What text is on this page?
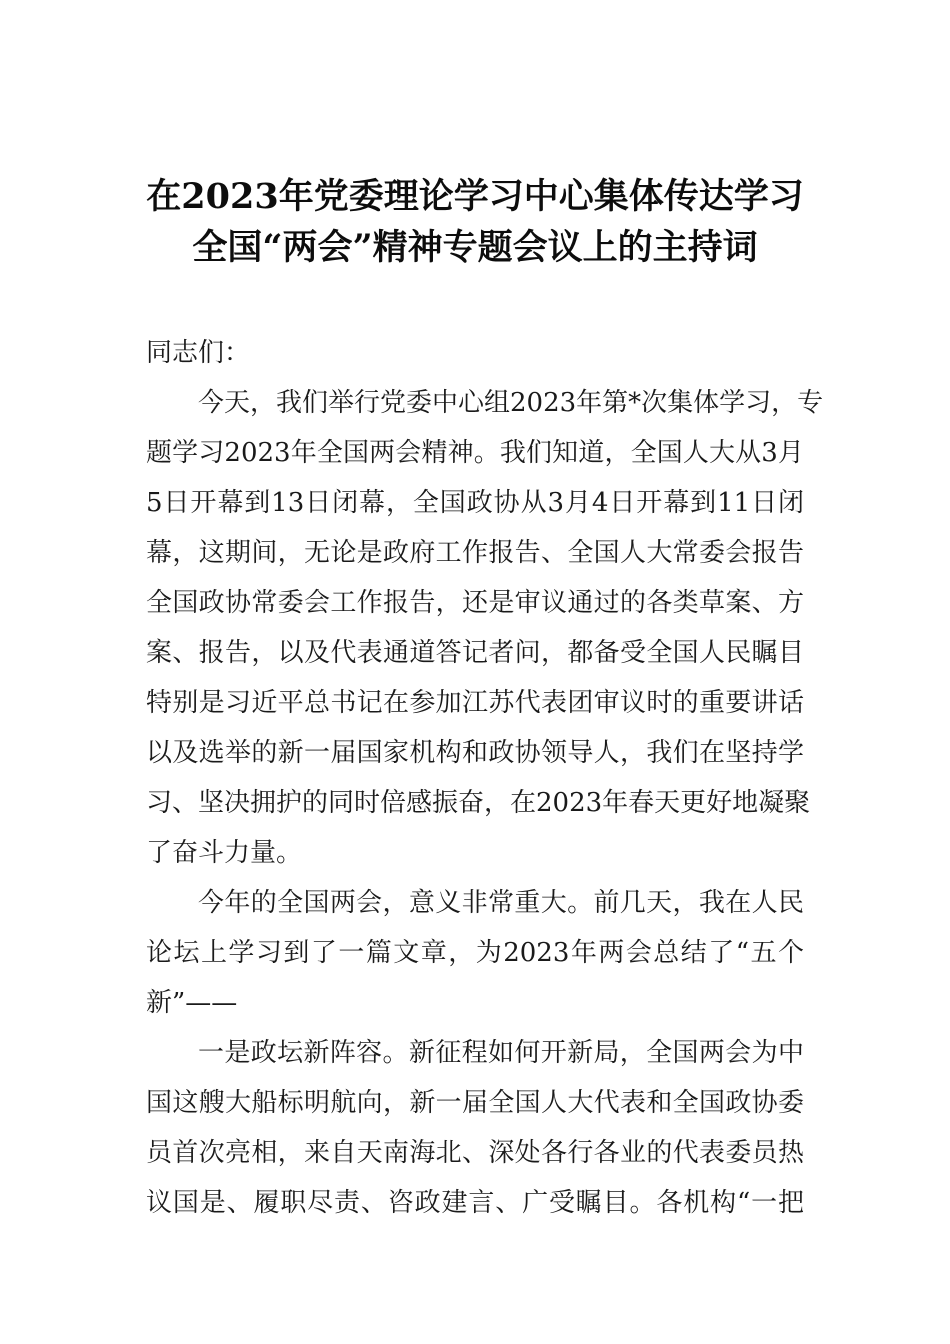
在2023年党委理论学习中心集体传达学习
全国“两会”精神专题会议上的主持词
同志们：
今天，我们举行党委中心组2023年第*次集体学习，专
题学习2023年全国两会精神。我们知道，全国人大从3月
5日开幕到13日闭幕，全国政协从3月4日开幕到11日闭
幕，这期间，无论是政府工作报告、全国人大常委会报告
全国政协常委会工作报告，还是审议通过的各类草案、方
案、报告，以及代表通道答记者问，都备受全国人民瞩目
特别是习近平总书记在参加江苏代表团审议时的重要讲话
以及选举的新一届国家机构和政协领导人，我们在坚持学
习、坚决拥护的同时倍感振奋，在2023年春天更好地凝聚
了奋斗力量。
今年的全国两会，意义非常重大。前几天，我在人民
论坛上学习到了一篇文章，为2023年两会总结了“五个
新”——
一是政坛新阵容。新征程如何开新局，全国两会为中
国这艘大船标明航向，新一届全国人大代表和全国政协委
员首次亮相，来自天南海北、深处各行各业的代表委员热
议国是、履职尽责、咨政建言、广受瞩目。各机构“一把
